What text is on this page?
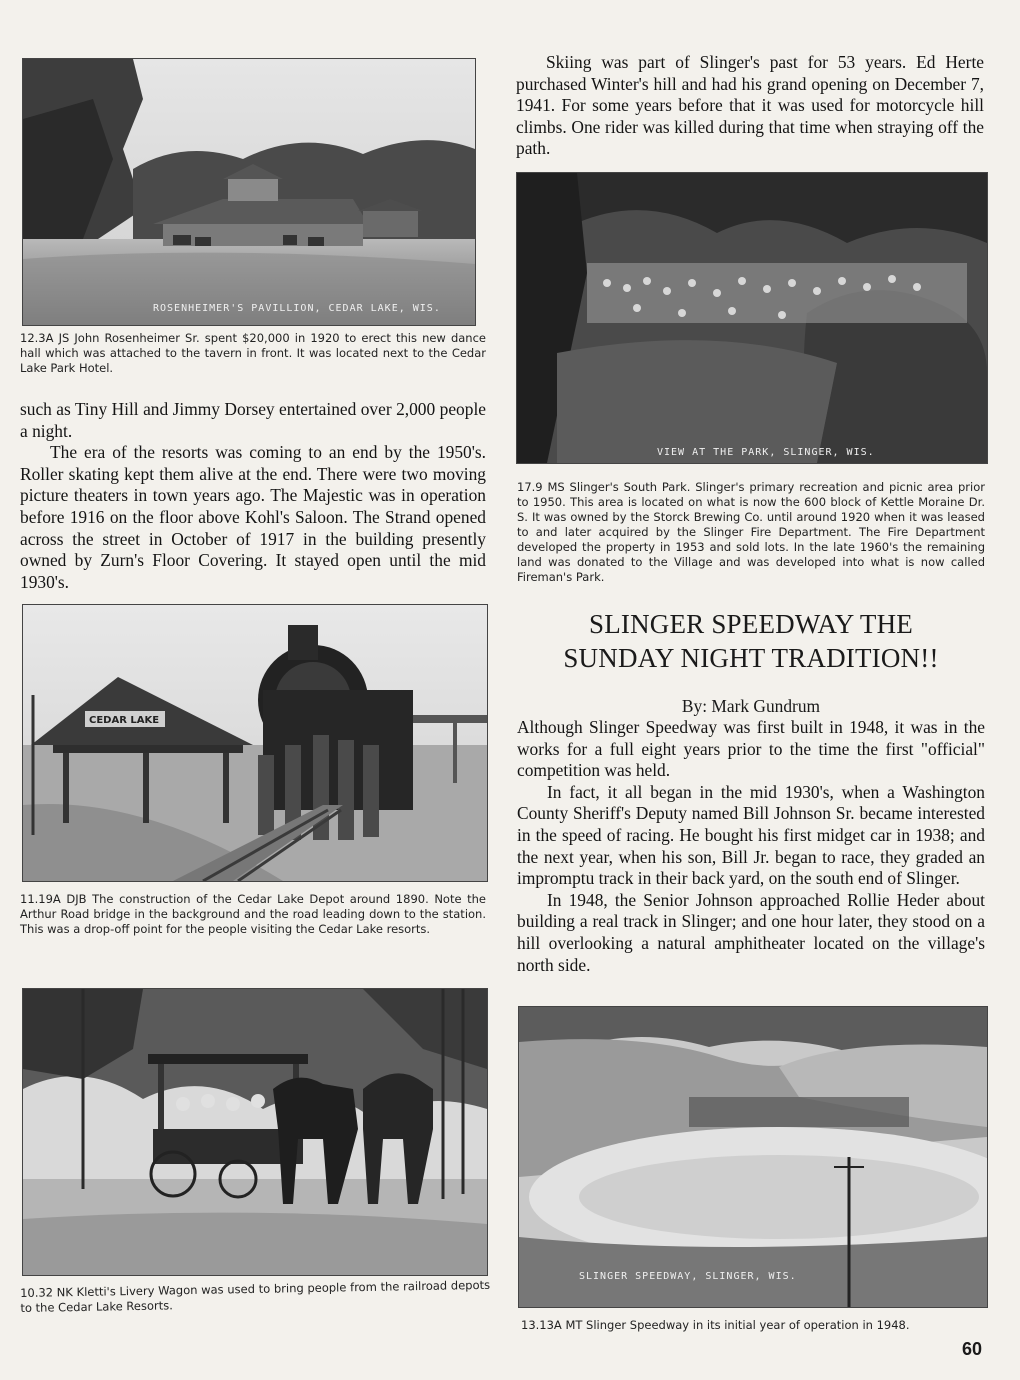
ROSENHEIMER'S PAVILLION, CEDAR LAKE, WIS.
12.3A JS John Rosenheimer Sr. spent $20,000 in 1920 to erect this new dance hall which was attached to the tavern in front. It was located next to the Cedar Lake Park Hotel.

such as Tiny Hill and Jimmy Dorsey entertained over 2,000 people a night.

The era of the resorts was coming to an end by the 1950's. Roller skating kept them alive at the end. There were two moving picture theaters in town years ago. The Majestic was in operation before 1916 on the floor above Kohl's Saloon. The Strand opened across the street in October of 1917 in the building presently owned by Zurn's Floor Covering. It stayed open until the mid 1930's.

CEDAR LAKE
11.19A DJB The construction of the Cedar Lake Depot around 1890. Note the Arthur Road bridge in the background and the road leading down to the station. This was a drop-off point for the people visiting the Cedar Lake resorts.
10.32 NK Kletti's Livery Wagon was used to bring people from the railroad depots to the Cedar Lake Resorts.
Skiing was part of Slinger's past for 53 years. Ed Herte purchased Winter's hill and had his grand opening on December 7, 1941. For some years before that it was used for motorcycle hill climbs. One rider was killed during that time when straying off the path.
VIEW AT THE PARK, SLINGER, WIS.
17.9 MS Slinger's South Park. Slinger's primary recreation and picnic area prior to 1950. This area is located on what is now the 600 block of Kettle Moraine Dr. S. It was owned by the Storck Brewing Co. until around 1920 when it was leased to and later acquired by the Slinger Fire Department. The Fire Department developed the property in 1953 and sold lots. In the late 1960's the remaining land was donated to the Village and was developed into what is now called Fireman's Park.
SLINGER SPEEDWAY THE
SUNDAY NIGHT TRADITION!!
By: Mark Gundrum

Although Slinger Speedway was first built in 1948, it was in the works for a full eight years prior to the time the first "official" competition was held.

In fact, it all began in the mid 1930's, when a Washington County Sheriff's Deputy named Bill Johnson Sr. became interested in the speed of racing. He bought his first midget car in 1938; and the next year, when his son, Bill Jr. began to race, they graded an impromptu track in their back yard, on the south end of Slinger.

In 1948, the Senior Johnson approached Rollie Heder about building a real track in Slinger; and one hour later, they stood on a hill overlooking a natural amphitheater located on the village's north side.

SLINGER SPEEDWAY, SLINGER, WIS.
13.13A MT Slinger Speedway in its initial year of operation in 1948.
60
